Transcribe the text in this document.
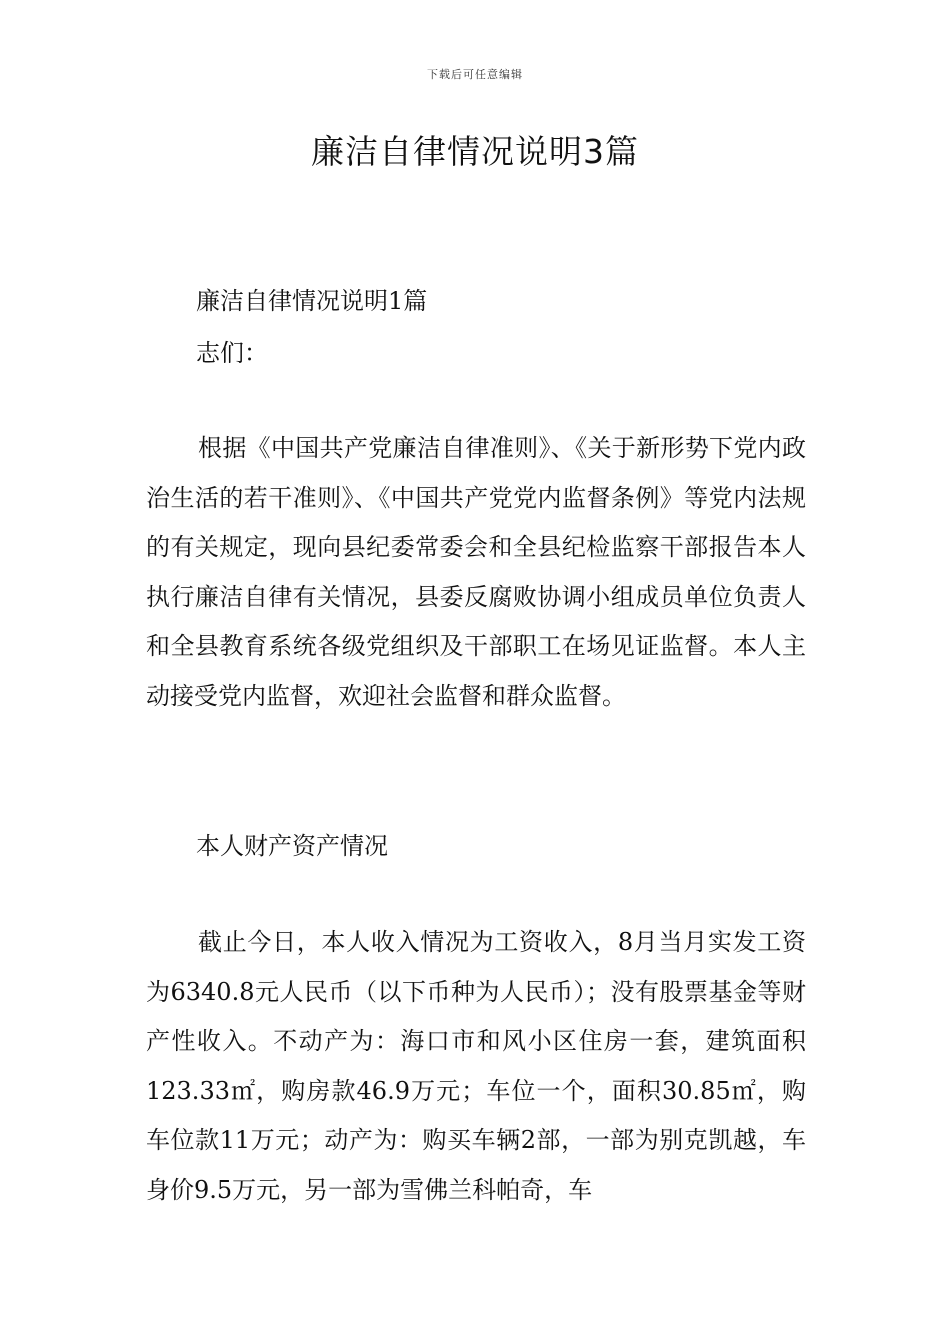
下载后可任意编辑
廉洁自律情况说明3篇
廉洁自律情况说明1篇
志们：

根据《中国共产党廉洁自律准则》、《关于新形势下党内政治生活的若干准则》、《中国共产党党内监督条例》等党内法规的有关规定，现向县纪委常委会和全县纪检监察干部报告本人执行廉洁自律有关情况，县委反腐败协调小组成员单位负责人和全县教育系统各级党组织及干部职工在场见证监督。本人主动接受党内监督，欢迎社会监督和群众监督。

本人财产资产情况

截止今日，本人收入情况为工资收入，8月当月实发工资为6340.8元人民币（以下币种为人民币）；没有股票基金等财产性收入。不动产为：海口市和风小区住房一套，建筑面积123.33㎡，购房款46.9万元；车位一个，面积30.85㎡，购车位款11万元；动产为：购买车辆2部，一部为别克凯越，车身价9.5万元，另一部为雪佛兰科帕奇，车
